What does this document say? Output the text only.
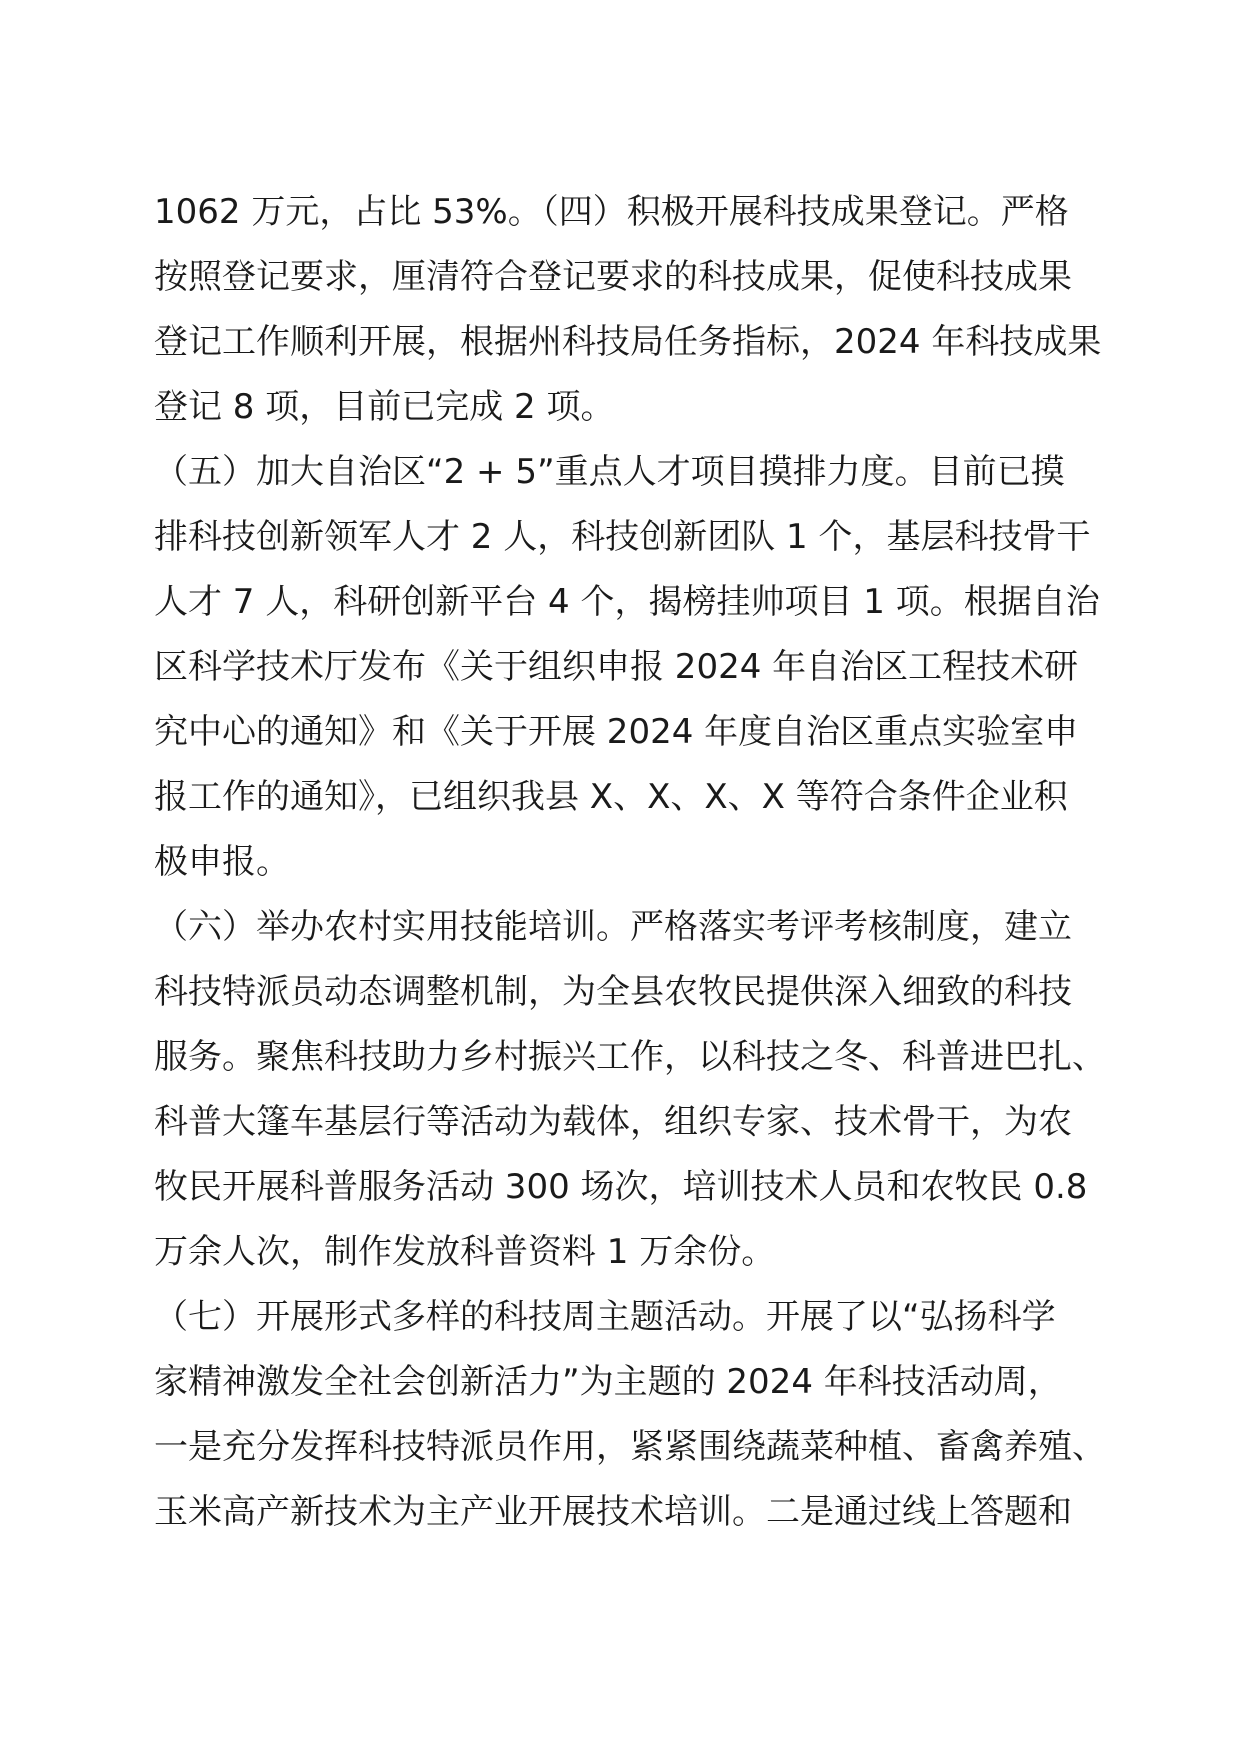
1062 万元，占比 53%。（四）积极开展科技成果登记。严格
按照登记要求，厘清符合登记要求的科技成果，促使科技成果
登记工作顺利开展，根据州科技局任务指标，2024 年科技成果
登记 8 项，目前已完成 2 项。
（五）加大自治区“2 + 5”重点人才项目摸排力度。目前已摸
排科技创新领军人才 2 人，科技创新团队 1 个，基层科技骨干
人才 7 人，科研创新平台 4 个，揭榜挂帅项目 1 项。根据自治
区科学技术厅发布《关于组织申报 2024 年自治区工程技术研
究中心的通知》和《关于开展 2024 年度自治区重点实验室申
报工作的通知》，已组织我县 X、X、X、X 等符合条件企业积
极申报。
（六）举办农村实用技能培训。严格落实考评考核制度，建立
科技特派员动态调整机制，为全县农牧民提供深入细致的科技
服务。聚焦科技助力乡村振兴工作，以科技之冬、科普进巴扎、
科普大篷车基层行等活动为载体，组织专家、技术骨干，为农
牧民开展科普服务活动 300 场次，培训技术人员和农牧民 0.8
万余人次，制作发放科普资料 1 万余份。
（七）开展形式多样的科技周主题活动。开展了以“弘扬科学
家精神激发全社会创新活力”为主题的 2024 年科技活动周，
一是充分发挥科技特派员作用，紧紧围绕蔬菜种植、畜禽养殖、
玉米高产新技术为主产业开展技术培训。二是通过线上答题和
